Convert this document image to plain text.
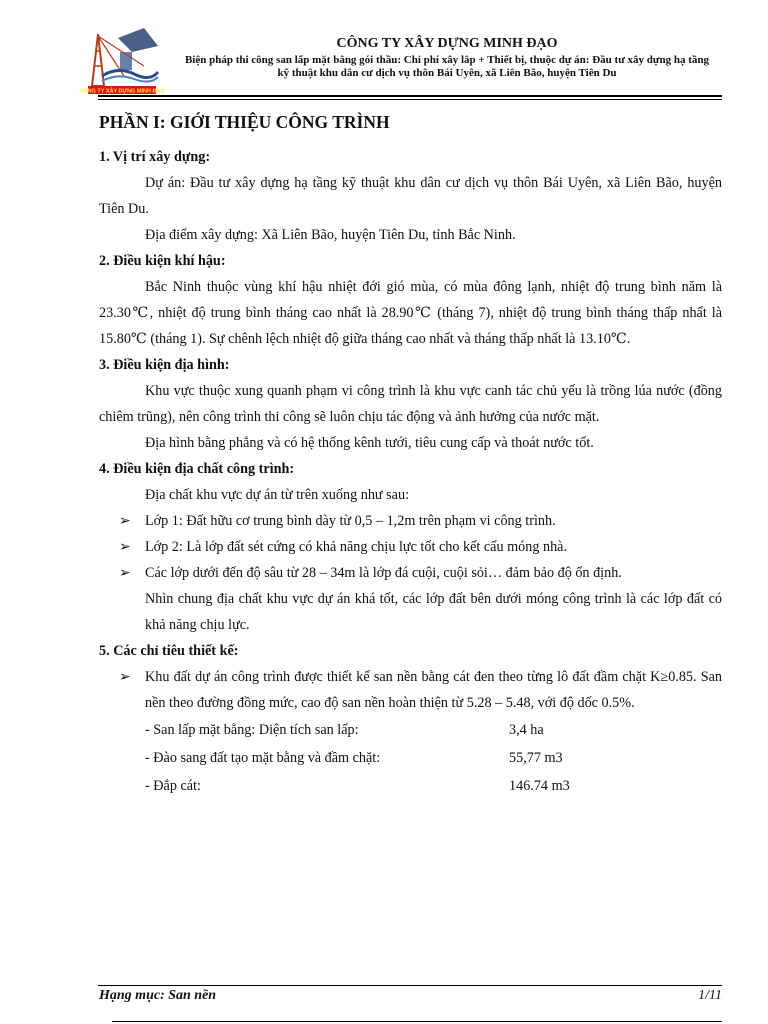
CÔNG TY XÂY DỰNG MINH ĐẠO
CÔNG TY XÂY DỰNG MINH ĐẠO
Biện pháp thi công san lấp mặt bằng gói thầu: Chi phí xây lắp + Thiết bị, thuộc dự án: Đầu tư xây dựng hạ tầng
kỹ thuật khu dân cư dịch vụ thôn Bái Uyên, xã Liên Bão, huyện Tiên Du
PHẦN I: GIỚI THIỆU CÔNG TRÌNH
1. Vị trí xây dựng:
Dự án: Đầu tư xây dựng hạ tầng kỹ thuật khu dân cư dịch vụ thôn Bái Uyên, xã Liên Bão, huyện Tiên Du.
Địa điểm xây dựng: Xã Liên Bão, huyện Tiên Du, tỉnh Bắc Ninh.
2. Điều kiện khí hậu:
Bắc Ninh thuộc vùng khí hậu nhiệt đới gió mùa, có mùa đông lạnh, nhiệt độ trung bình năm là 23.30℃, nhiệt độ trung bình tháng cao nhất là 28.90℃ (tháng 7), nhiệt độ trung bình tháng thấp nhất là 15.80℃ (tháng 1). Sự chênh lệch nhiệt độ giữa tháng cao nhất và tháng thấp nhất là 13.10℃.
3. Điều kiện địa hình:
Khu vực thuộc xung quanh phạm vi công trình là khu vực canh tác chủ yếu là trồng lúa nước (đồng chiêm trũng), nên công trình thi công sẽ luôn chịu tác động và ảnh hưởng của nước mặt.
Địa hình bằng phẳng và có hệ thống kênh tưới, tiêu cung cấp và thoát nước tốt.
4. Điều kiện địa chất công trình:
Địa chất khu vực dự án từ trên xuống như sau:
➢ Lớp 1: Đất hữu cơ trung bình dày từ 0,5 – 1,2m trên phạm vi công trình.
➢ Lớp 2: Là lớp đất sét cứng có khả năng chịu lực tốt cho kết cấu móng nhà.
➢ Các lớp dưới đến độ sâu từ 28 – 34m là lớp đá cuội, cuội sỏi… đảm bảo độ ổn định.
Nhìn chung địa chất khu vực dự án khá tốt, các lớp đất bên dưới móng công trình là các lớp đất có khả năng chịu lực.
5. Các chỉ tiêu thiết kế:
➢ Khu đất dự án công trình được thiết kế san nền bằng cát đen theo từng lô đất đầm chặt K≥0.85. San nền theo đường đồng mức, cao độ san nền hoàn thiện từ 5.28 – 5.48, với độ dốc 0.5%.
- San lấp mặt bằng: Diện tích san lấp:	3,4 ha
- Đào sang đất tạo mặt bằng và đầm chặt:	55,77 m3
- Đắp cát:	146.74 m3
Hạng mục: San nền	1/11
